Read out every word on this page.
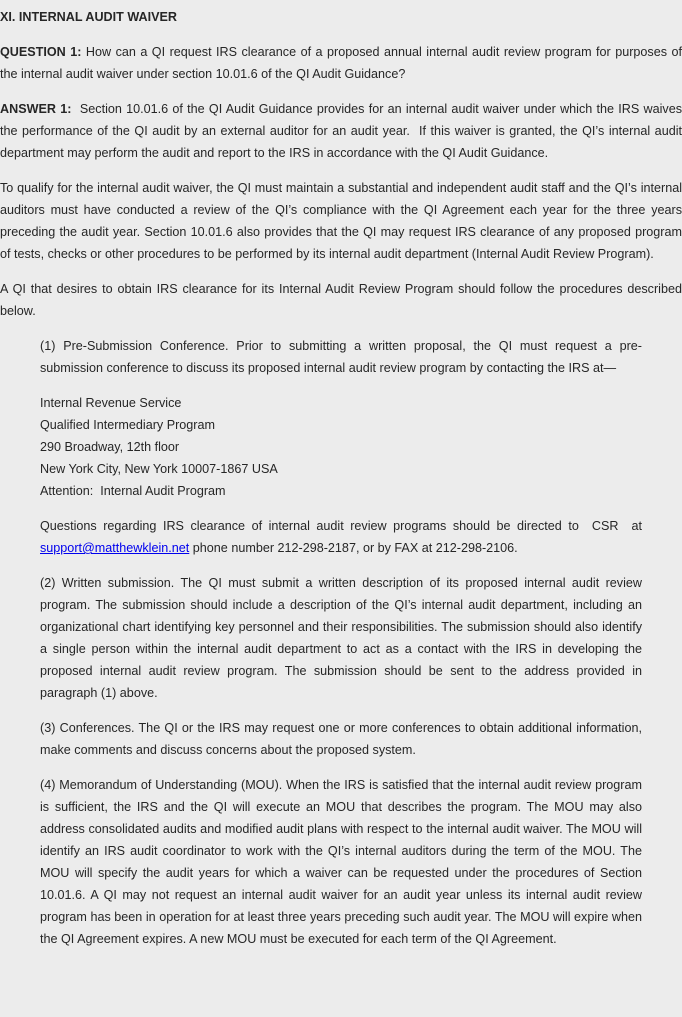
XI. INTERNAL AUDIT WAIVER

QUESTION 1: How can a QI request IRS clearance of a proposed annual internal audit review program for purposes of the internal audit waiver under section 10.01.6 of the QI Audit Guidance?

ANSWER 1:  Section 10.01.6 of the QI Audit Guidance provides for an internal audit waiver under which the IRS waives the performance of the QI audit by an external auditor for an audit year.  If this waiver is granted, the QI’s internal audit department may perform the audit and report to the IRS in accordance with the QI Audit Guidance.

To qualify for the internal audit waiver, the QI must maintain a substantial and independent audit staff and the QI’s internal auditors must have conducted a review of the QI’s compliance with the QI Agreement each year for the three years preceding the audit year. Section 10.01.6 also provides that the QI may request IRS clearance of any proposed program of tests, checks or other procedures to be performed by its internal audit department (Internal Audit Review Program).

A QI that desires to obtain IRS clearance for its Internal Audit Review Program should follow the procedures described below.

(1) Pre-Submission Conference. Prior to submitting a written proposal, the QI must request a pre-submission conference to discuss its proposed internal audit review program by contacting the IRS at—

Internal Revenue Service
Qualified Intermediary Program
290 Broadway, 12th floor
New York City, New York 10007-1867 USA
Attention:  Internal Audit Program

Questions regarding IRS clearance of internal audit review programs should be directed to  CSR  at support@matthewklein.net phone number 212-298-2187, or by FAX at 212-298-2106.

(2) Written submission. The QI must submit a written description of its proposed internal audit review program. The submission should include a description of the QI’s internal audit department, including an organizational chart identifying key personnel and their responsibilities. The submission should also identify a single person within the internal audit department to act as a contact with the IRS in developing the proposed internal audit review program. The submission should be sent to the address provided in paragraph (1) above.

(3) Conferences. The QI or the IRS may request one or more conferences to obtain additional information, make comments and discuss concerns about the proposed system.

(4) Memorandum of Understanding (MOU). When the IRS is satisfied that the internal audit review program is sufficient, the IRS and the QI will execute an MOU that describes the program. The MOU may also address consolidated audits and modified audit plans with respect to the internal audit waiver. The MOU will identify an IRS audit coordinator to work with the QI’s internal auditors during the term of the MOU. The MOU will specify the audit years for which a waiver can be requested under the procedures of Section 10.01.6. A QI may not request an internal audit waiver for an audit year unless its internal audit review program has been in operation for at least three years preceding such audit year. The MOU will expire when the QI Agreement expires. A new MOU must be executed for each term of the QI Agreement.
